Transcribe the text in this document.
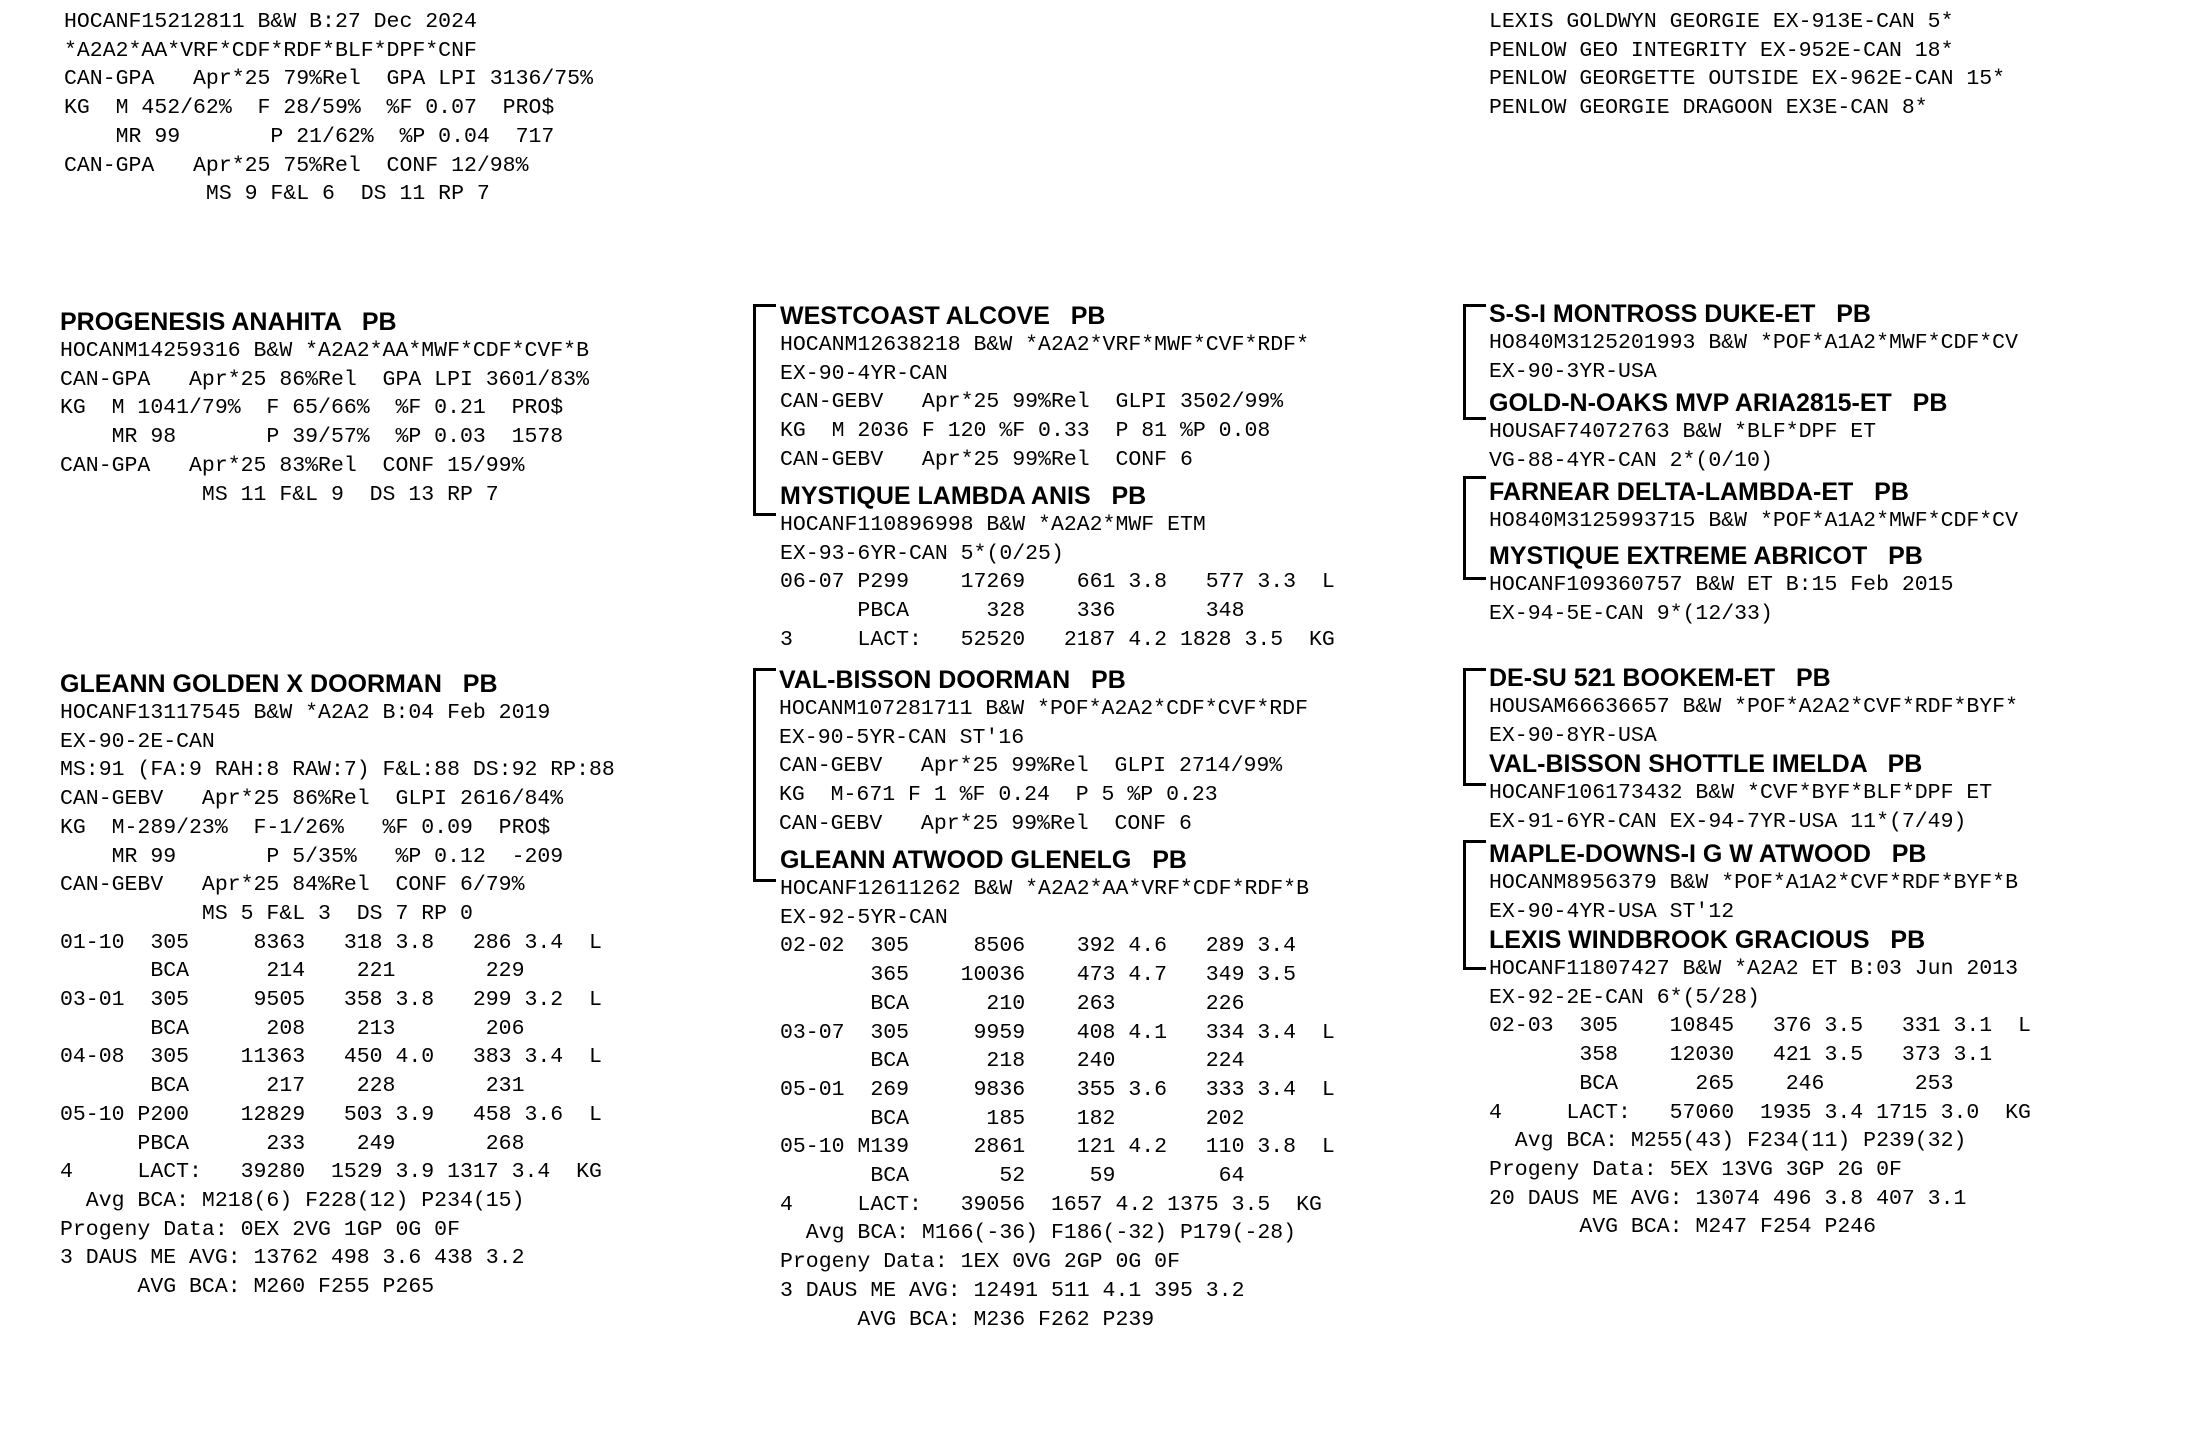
HOCANF15212811 B&W B:27 Dec 2024
*A2A2*AA*VRF*CDF*RDF*BLF*DPF*CNF
CAN-GPA   Apr*25 79%Rel  GPA LPI 3136/75%
KG  M 452/62%  F 28/59%  %F 0.07  PRO$
MR 99       P 21/62%  %P 0.04  717
CAN-GPA   Apr*25 75%Rel  CONF 12/98%
MS 9 F&L 6  DS 11 RP 7
LEXIS GOLDWYN GEORGIE EX-913E-CAN 5*
PENLOW GEO INTEGRITY EX-952E-CAN 18*
PENLOW GEORGETTE OUTSIDE EX-962E-CAN 15*
PENLOW GEORGIE DRAGOON EX3E-CAN 8*
PROGENESIS ANAHITA   PB
HOCANM14259316 B&W *A2A2*AA*MWF*CDF*CVF*B
CAN-GPA   Apr*25 86%Rel  GPA LPI 3601/83%
KG  M 1041/79%  F 65/66%  %F 0.21  PRO$
MR 98       P 39/57%  %P 0.03  1578
CAN-GPA   Apr*25 83%Rel  CONF 15/99%
MS 11 F&L 9  DS 13 RP 7
WESTCOAST ALCOVE   PB
HOCANM12638218 B&W *A2A2*VRF*MWF*CVF*RDF*
EX-90-4YR-CAN
CAN-GEBV   Apr*25 99%Rel  GLPI 3502/99%
KG  M 2036 F 120 %F 0.33  P 81 %P 0.08
CAN-GEBV   Apr*25 99%Rel  CONF 6
MYSTIQUE LAMBDA ANIS   PB
HOCANF110896998 B&W *A2A2*MWF ETM
EX-93-6YR-CAN 5*(0/25)
06-07 P299    17269    661 3.8   577 3.3  L
PBCA      328    336       348
3     LACT:   52520   2187 4.2 1828 3.5  KG
S-S-I MONTROSS DUKE-ET   PB
HO840M3125201993 B&W *POF*A1A2*MWF*CDF*CV
EX-90-3YR-USA
GOLD-N-OAKS MVP ARIA2815-ET   PB
HOUSAF74072763 B&W *BLF*DPF ET
VG-88-4YR-CAN 2*(0/10)
FARNEAR DELTA-LAMBDA-ET   PB
HO840M3125993715 B&W *POF*A1A2*MWF*CDF*CV
MYSTIQUE EXTREME ABRICOT   PB
HOCANF109360757 B&W ET B:15 Feb 2015
EX-94-5E-CAN 9*(12/33)
GLEANN GOLDEN X DOORMAN   PB
HOCANF13117545 B&W *A2A2 B:04 Feb 2019
EX-90-2E-CAN
MS:91 (FA:9 RAH:8 RAW:7) F&L:88 DS:92 RP:88
CAN-GEBV   Apr*25 86%Rel  GLPI 2616/84%
KG  M-289/23%  F-1/26%   %F 0.09  PRO$
MR 99       P 5/35%   %P 0.12  -209
CAN-GEBV   Apr*25 84%Rel  CONF 6/79%
MS 5 F&L 3  DS 7 RP 0
01-10  305     8363   318 3.8   286 3.4  L
BCA      214    221       229
03-01  305     9505   358 3.8   299 3.2  L
BCA      208    213       206
04-08  305    11363   450 4.0   383 3.4  L
BCA      217    228       231
05-10 P200    12829   503 3.9   458 3.6  L
PBCA      233    249       268
4     LACT:   39280  1529 3.9 1317 3.4  KG
Avg BCA: M218(6) F228(12) P234(15)
Progeny Data: 0EX 2VG 1GP 0G 0F
3 DAUS ME AVG: 13762 498 3.6 438 3.2
AVG BCA: M260 F255 P265
VAL-BISSON DOORMAN   PB
HOCANM107281711 B&W *POF*A2A2*CDF*CVF*RDF
EX-90-5YR-CAN ST'16
CAN-GEBV   Apr*25 99%Rel  GLPI 2714/99%
KG  M-671 F 1 %F 0.24  P 5 %P 0.23
CAN-GEBV   Apr*25 99%Rel  CONF 6
GLEANN ATWOOD GLENELG   PB
HOCANF12611262 B&W *A2A2*AA*VRF*CDF*RDF*B
EX-92-5YR-CAN
02-02  305     8506    392 4.6   289 3.4
365    10036    473 4.7   349 3.5
BCA      210    263       226
03-07  305     9959    408 4.1   334 3.4  L
BCA      218    240       224
05-01  269     9836    355 3.6   333 3.4  L
BCA      185    182       202
05-10 M139     2861    121 4.2   110 3.8  L
BCA       52     59        64
4     LACT:   39056  1657 4.2 1375 3.5  KG
Avg BCA: M166(-36) F186(-32) P179(-28)
Progeny Data: 1EX 0VG 2GP 0G 0F
3 DAUS ME AVG: 12491 511 4.1 395 3.2
AVG BCA: M236 F262 P239
DE-SU 521 BOOKEM-ET   PB
HOUSAM66636657 B&W *POF*A2A2*CVF*RDF*BYF*
EX-90-8YR-USA
VAL-BISSON SHOTTLE IMELDA   PB
HOCANF106173432 B&W *CVF*BYF*BLF*DPF ET
EX-91-6YR-CAN EX-94-7YR-USA 11*(7/49)
MAPLE-DOWNS-I G W ATWOOD   PB
HOCANM8956379 B&W *POF*A1A2*CVF*RDF*BYF*B
EX-90-4YR-USA ST'12
LEXIS WINDBROOK GRACIOUS   PB
HOCANF11807427 B&W *A2A2 ET B:03 Jun 2013
EX-92-2E-CAN 6*(5/28)
02-03  305    10845   376 3.5   331 3.1  L
358    12030   421 3.5   373 3.1
BCA      265    246       253
4     LACT:   57060  1935 3.4 1715 3.0  KG
Avg BCA: M255(43) F234(11) P239(32)
Progeny Data: 5EX 13VG 3GP 2G 0F
20 DAUS ME AVG: 13074 496 3.8 407 3.1
AVG BCA: M247 F254 P246
